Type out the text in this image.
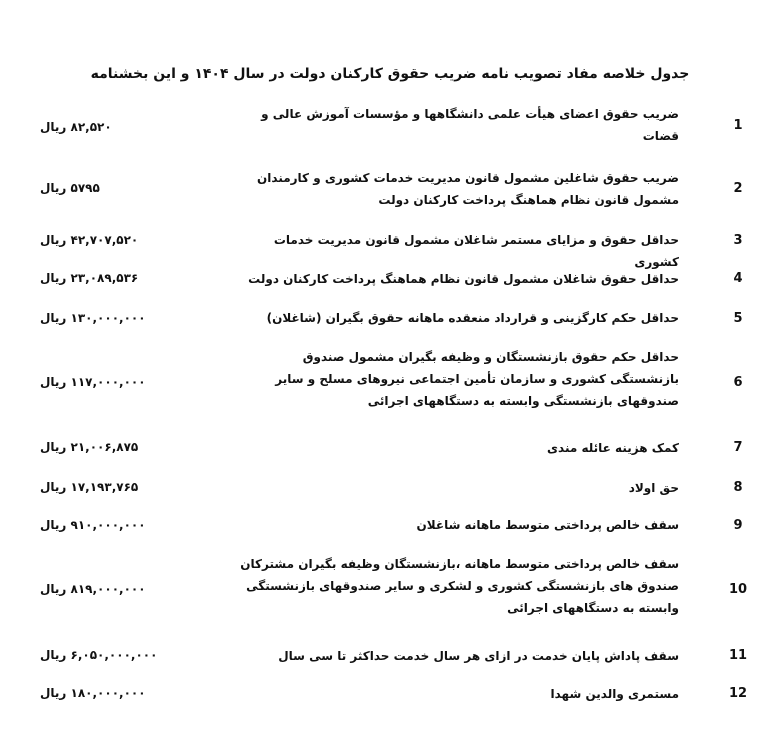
جدول خلاصه مفاد تصویب نامه ضریب حقوق کارکنان دولت در سال ۱۴۰۴ و این بخشنامه
1
ضریب حقوق اعضای هیأت علمی دانشگاهها و مؤسسات آموزش عالی و قضات
۸۲,۵۲۰ ریال
2
ضریب حقوق شاغلین مشمول قانون مدیریت خدمات کشوری و کارمندان مشمول قانون نظام هماهنگ پرداخت کارکنان دولت
۵۷۹۵ ریال
3
حداقل حقوق و مزایای مستمر شاغلان مشمول قانون مدیریت خدمات کشوری
۴۲,۷۰۷,۵۲۰ ریال
4
حداقل حقوق شاغلان مشمول قانون نظام هماهنگ پرداخت کارکنان دولت
۲۳,۰۸۹,۵۳۶ ریال
5
حداقل حکم کارگزینی و قرارداد منعقده ماهانه حقوق بگیران (شاغلان)
۱۳۰,۰۰۰,۰۰۰ ریال
6
حداقل حکم حقوق بازنشستگان و وظیفه بگیران مشمول صندوق بازنشستگی کشوری و سازمان تأمین اجتماعی نیروهای مسلح و سایر صندوقهای بازنشستگی وابسته به دستگاههای اجرائی
۱۱۷,۰۰۰,۰۰۰ ریال
7
کمک هزینه عائله مندی
۲۱,۰۰۶,۸۷۵ ریال
8
حق اولاد
۱۷,۱۹۳,۷۶۵ ریال
9
سقف خالص پرداختی متوسط ماهانه شاغلان
۹۱۰,۰۰۰,۰۰۰ ریال
10
سقف خالص پرداختی متوسط ماهانه ،بازنشستگان وظیفه بگیران مشترکان صندوق های بازنشستگی کشوری و لشکری و سایر صندوقهای بازنشستگی وابسته به دستگاههای اجرائی
۸۱۹,۰۰۰,۰۰۰ ریال
11
سقف پاداش پایان خدمت در ازای هر سال خدمت حداکثر تا سی سال
۶,۰۵۰,۰۰۰,۰۰۰ ریال
12
مستمری والدین شهدا
۱۸۰,۰۰۰,۰۰۰ ریال
